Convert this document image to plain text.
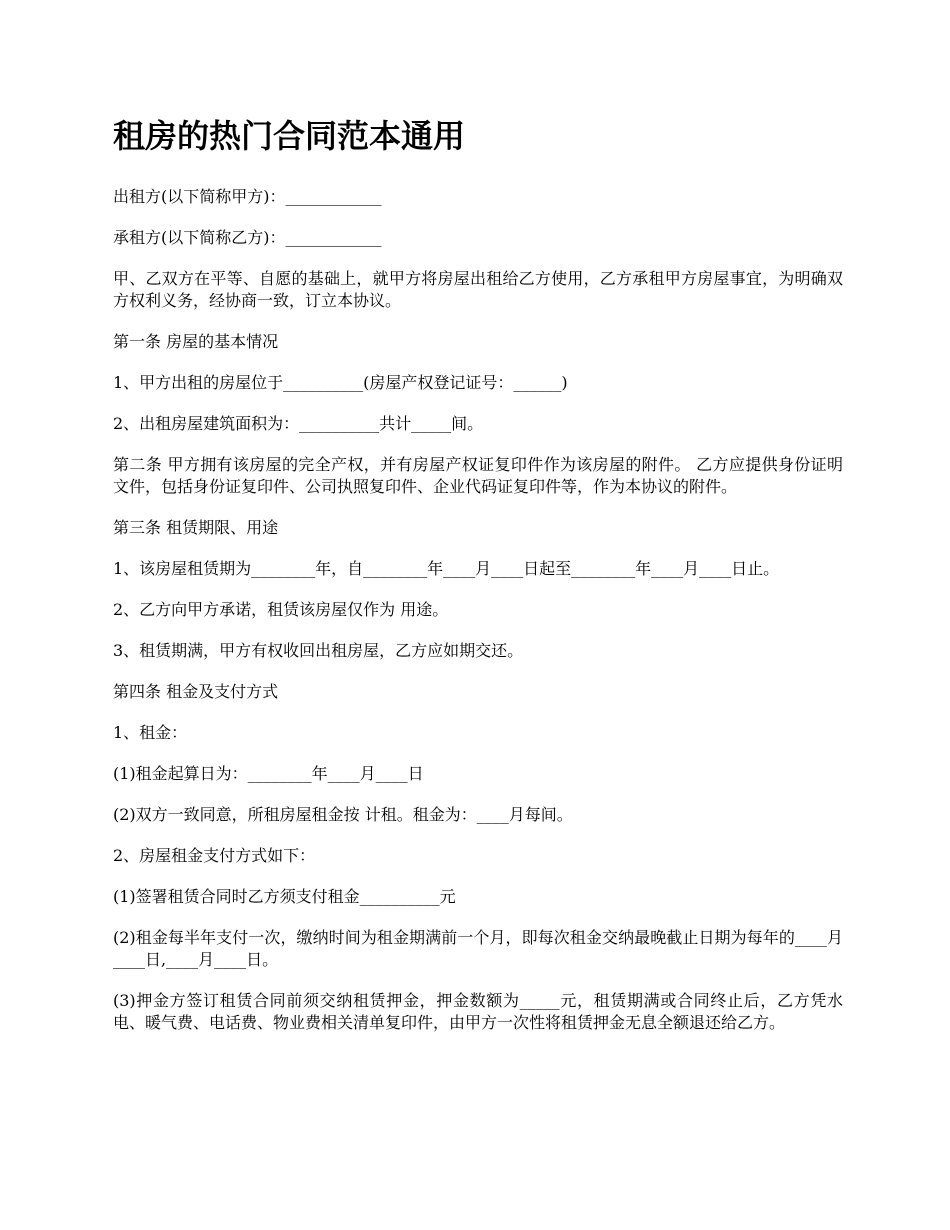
租房的热门合同范本通用

出租方(以下简称甲方)：____________

承租方(以下简称乙方)：____________

甲、乙双方在平等、自愿的基础上，就甲方将房屋出租给乙方使用，乙方承租甲方房屋事宜，为明确双方权利义务，经协商一致，订立本协议。

第一条 房屋的基本情况

1、甲方出租的房屋位于__________(房屋产权登记证号：______)

2、出租房屋建筑面积为：__________共计_____间。

第二条 甲方拥有该房屋的完全产权，并有房屋产权证复印件作为该房屋的附件。 乙方应提供身份证明文件，包括身份证复印件、公司执照复印件、企业代码证复印件等，作为本协议的附件。

第三条 租赁期限、用途

1、该房屋租赁期为________年，自________年____月____日起至________年____月____日止。

2、乙方向甲方承诺，租赁该房屋仅作为 用途。

3、租赁期满，甲方有权收回出租房屋，乙方应如期交还。

第四条 租金及支付方式

1、租金：

(1)租金起算日为：________年____月____日

(2)双方一致同意，所租房屋租金按 计租。租金为：____月每间。

2、房屋租金支付方式如下：

(1)签署租赁合同时乙方须支付租金__________元

(2)租金每半年支付一次，缴纳时间为租金期满前一个月，即每次租金交纳最晚截止日期为每年的____月____日,____月____日。

(3)押金方签订租赁合同前须交纳租赁押金，押金数额为_____元，租赁期满或合同终止后，乙方凭水电、暖气费、电话费、物业费相关清单复印件，由甲方一次性将租赁押金无息全额退还给乙方。
